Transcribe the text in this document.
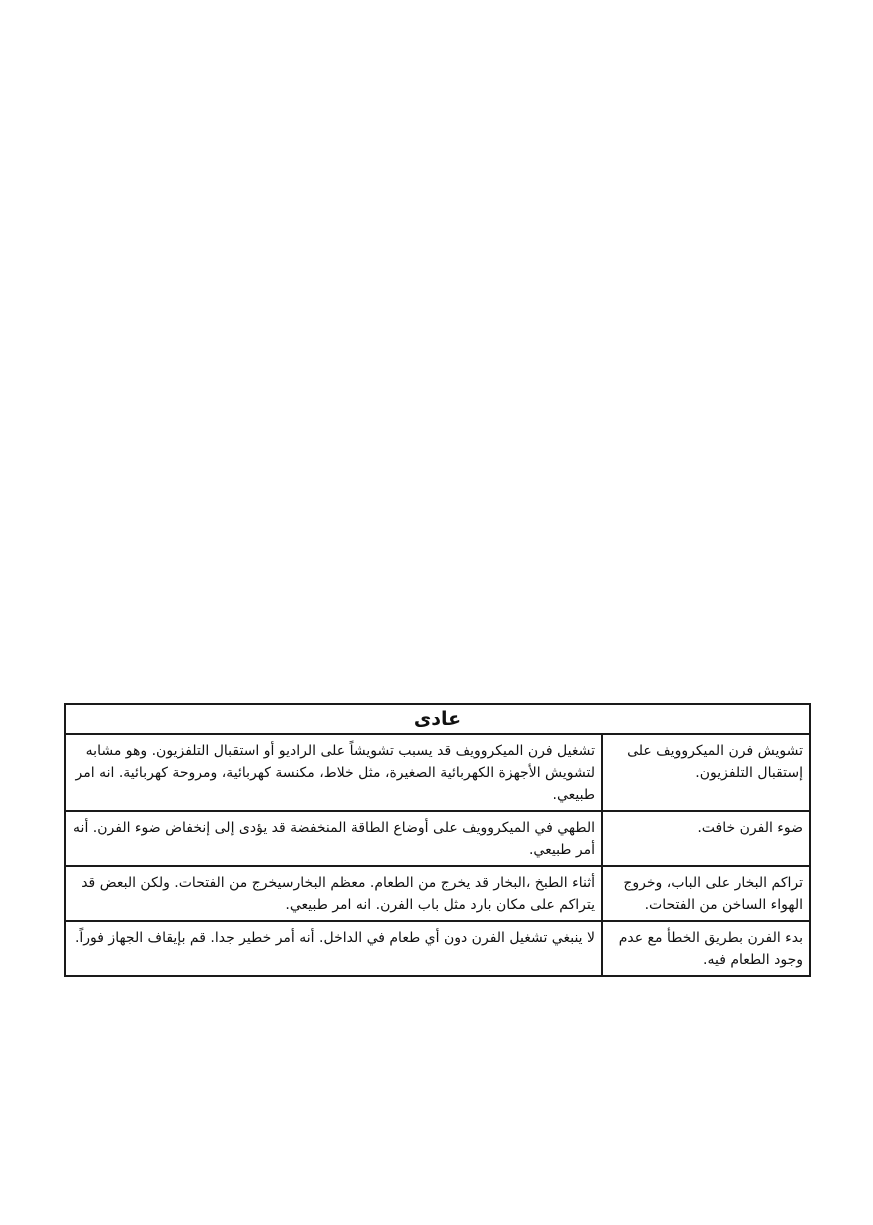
عادى	
تشويش فرن الميكروويف على إستقبال التلفزيون.	تشغيل فرن الميكروويف قد يسبب تشويشاً على الراديو أو استقبال التلفزيون. وهو مشابه لتشويش الأجهزة الكهربائية الصغيرة، مثل خلاط، مكنسة كهربائية، ومروحة كهربائية. انه امر طبيعي.
ضوء الفرن خافت.	الطهي في الميكروويف على أوضاع الطاقة المنخفضة قد يؤدى إلى إنخفاض ضوء الفرن. أنه أمر طبيعي.
تراكم البخار على الباب، وخروج الهواء الساخن من الفتحات.	أثناء الطبخ ،البخار قد يخرج من الطعام. معظم البخارسيخرج من الفتحات. ولكن البعض قد يتراكم على مكان بارد مثل باب الفرن. انه امر طبيعي.
بدء الفرن بطريق الخطأ مع عدم وجود الطعام فيه.	لا ينبغي تشغيل الفرن دون أي طعام في الداخل. أنه أمر خطير جدا. قم بإيقاف الجهاز فوراً.
